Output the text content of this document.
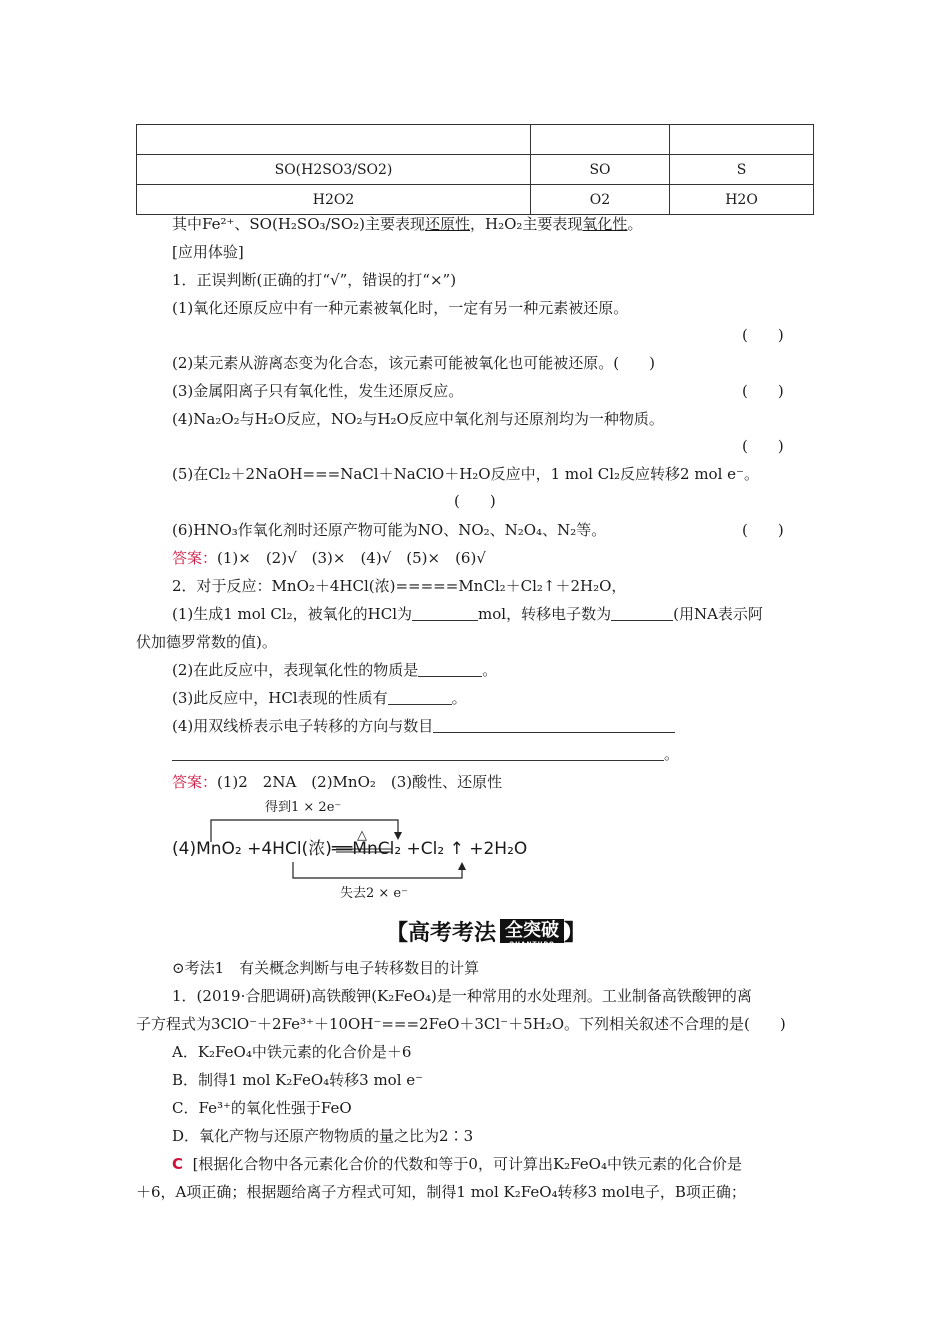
SO(H2SO3/SO2)	SO	S
H2O2	O2	H2O
其中Fe²⁺、SO(H₂SO₃/SO₂)主要表现还原性，H₂O₂主要表现氧化性。
[应用体验]
1．正误判断(正确的打“√”，错误的打“×”)
(1)氧化还原反应中有一种元素被氧化时，一定有另一种元素被还原。
(　　)
(2)某元素从游离态变为化合态，该元素可能被氧化也可能被还原。(　　)
(3)金属阳离子只有氧化性，发生还原反应。	(　　)
(4)Na₂O₂与H₂O反应，NO₂与H₂O反应中氧化剂与还原剂均为一种物质。
(　　)
(5)在Cl₂＋2NaOH===NaCl＋NaClO＋H₂O反应中，1 mol Cl₂反应转移2 mol e⁻。
(　　)
(6)HNO₃作氧化剂时还原产物可能为NO、NO₂、N₂O₄、N₂等。	(　　)
答案：(1)×　(2)√　(3)×　(4)√　(5)×　(6)√
2．对于反应：MnO₂＋4HCl(浓)=====MnCl₂＋Cl₂↑＋2H₂O，
(1)生成1 mol Cl₂，被氧化的HCl为	mol，转移电子数为	(用NA表示阿
伏加德罗常数的值)。
(2)在此反应中，表现氧化性的物质是	。
(3)此反应中，HCl表现的性质有	。
(4)用双线桥表示电子转移的方向与数目
。
答案：(1)2　2NA　(2)MnO₂　(3)酸性、还原性
得到1 × 2e⁻
△
(4)MnO₂ +4HCl(浓)══MnCl₂ +Cl₂ ↑ +2H₂O
失去2 × e⁻
【 高考考法 全突破
QUANTUPO 】
⊙考法1　有关概念判断与电子转移数目的计算
1．(2019·合肥调研)高铁酸钾(K₂FeO₄)是一种常用的水处理剂。工业制备高铁酸钾的离
子方程式为3ClO⁻＋2Fe³⁺＋10OH⁻===2FeO＋3Cl⁻＋5H₂O。下列相关叙述不合理的是(　　)
A．K₂FeO₄中铁元素的化合价是＋6
B．制得1 mol K₂FeO₄转移3 mol e⁻
C．Fe³⁺的氧化性强于FeO
D．氧化产物与还原产物物质的量之比为2∶3
C [根据化合物中各元素化合价的代数和等于0，可计算出K₂FeO₄中铁元素的化合价是
＋6，A项正确；根据题给离子方程式可知，制得1 mol K₂FeO₄转移3 mol电子，B项正确；
